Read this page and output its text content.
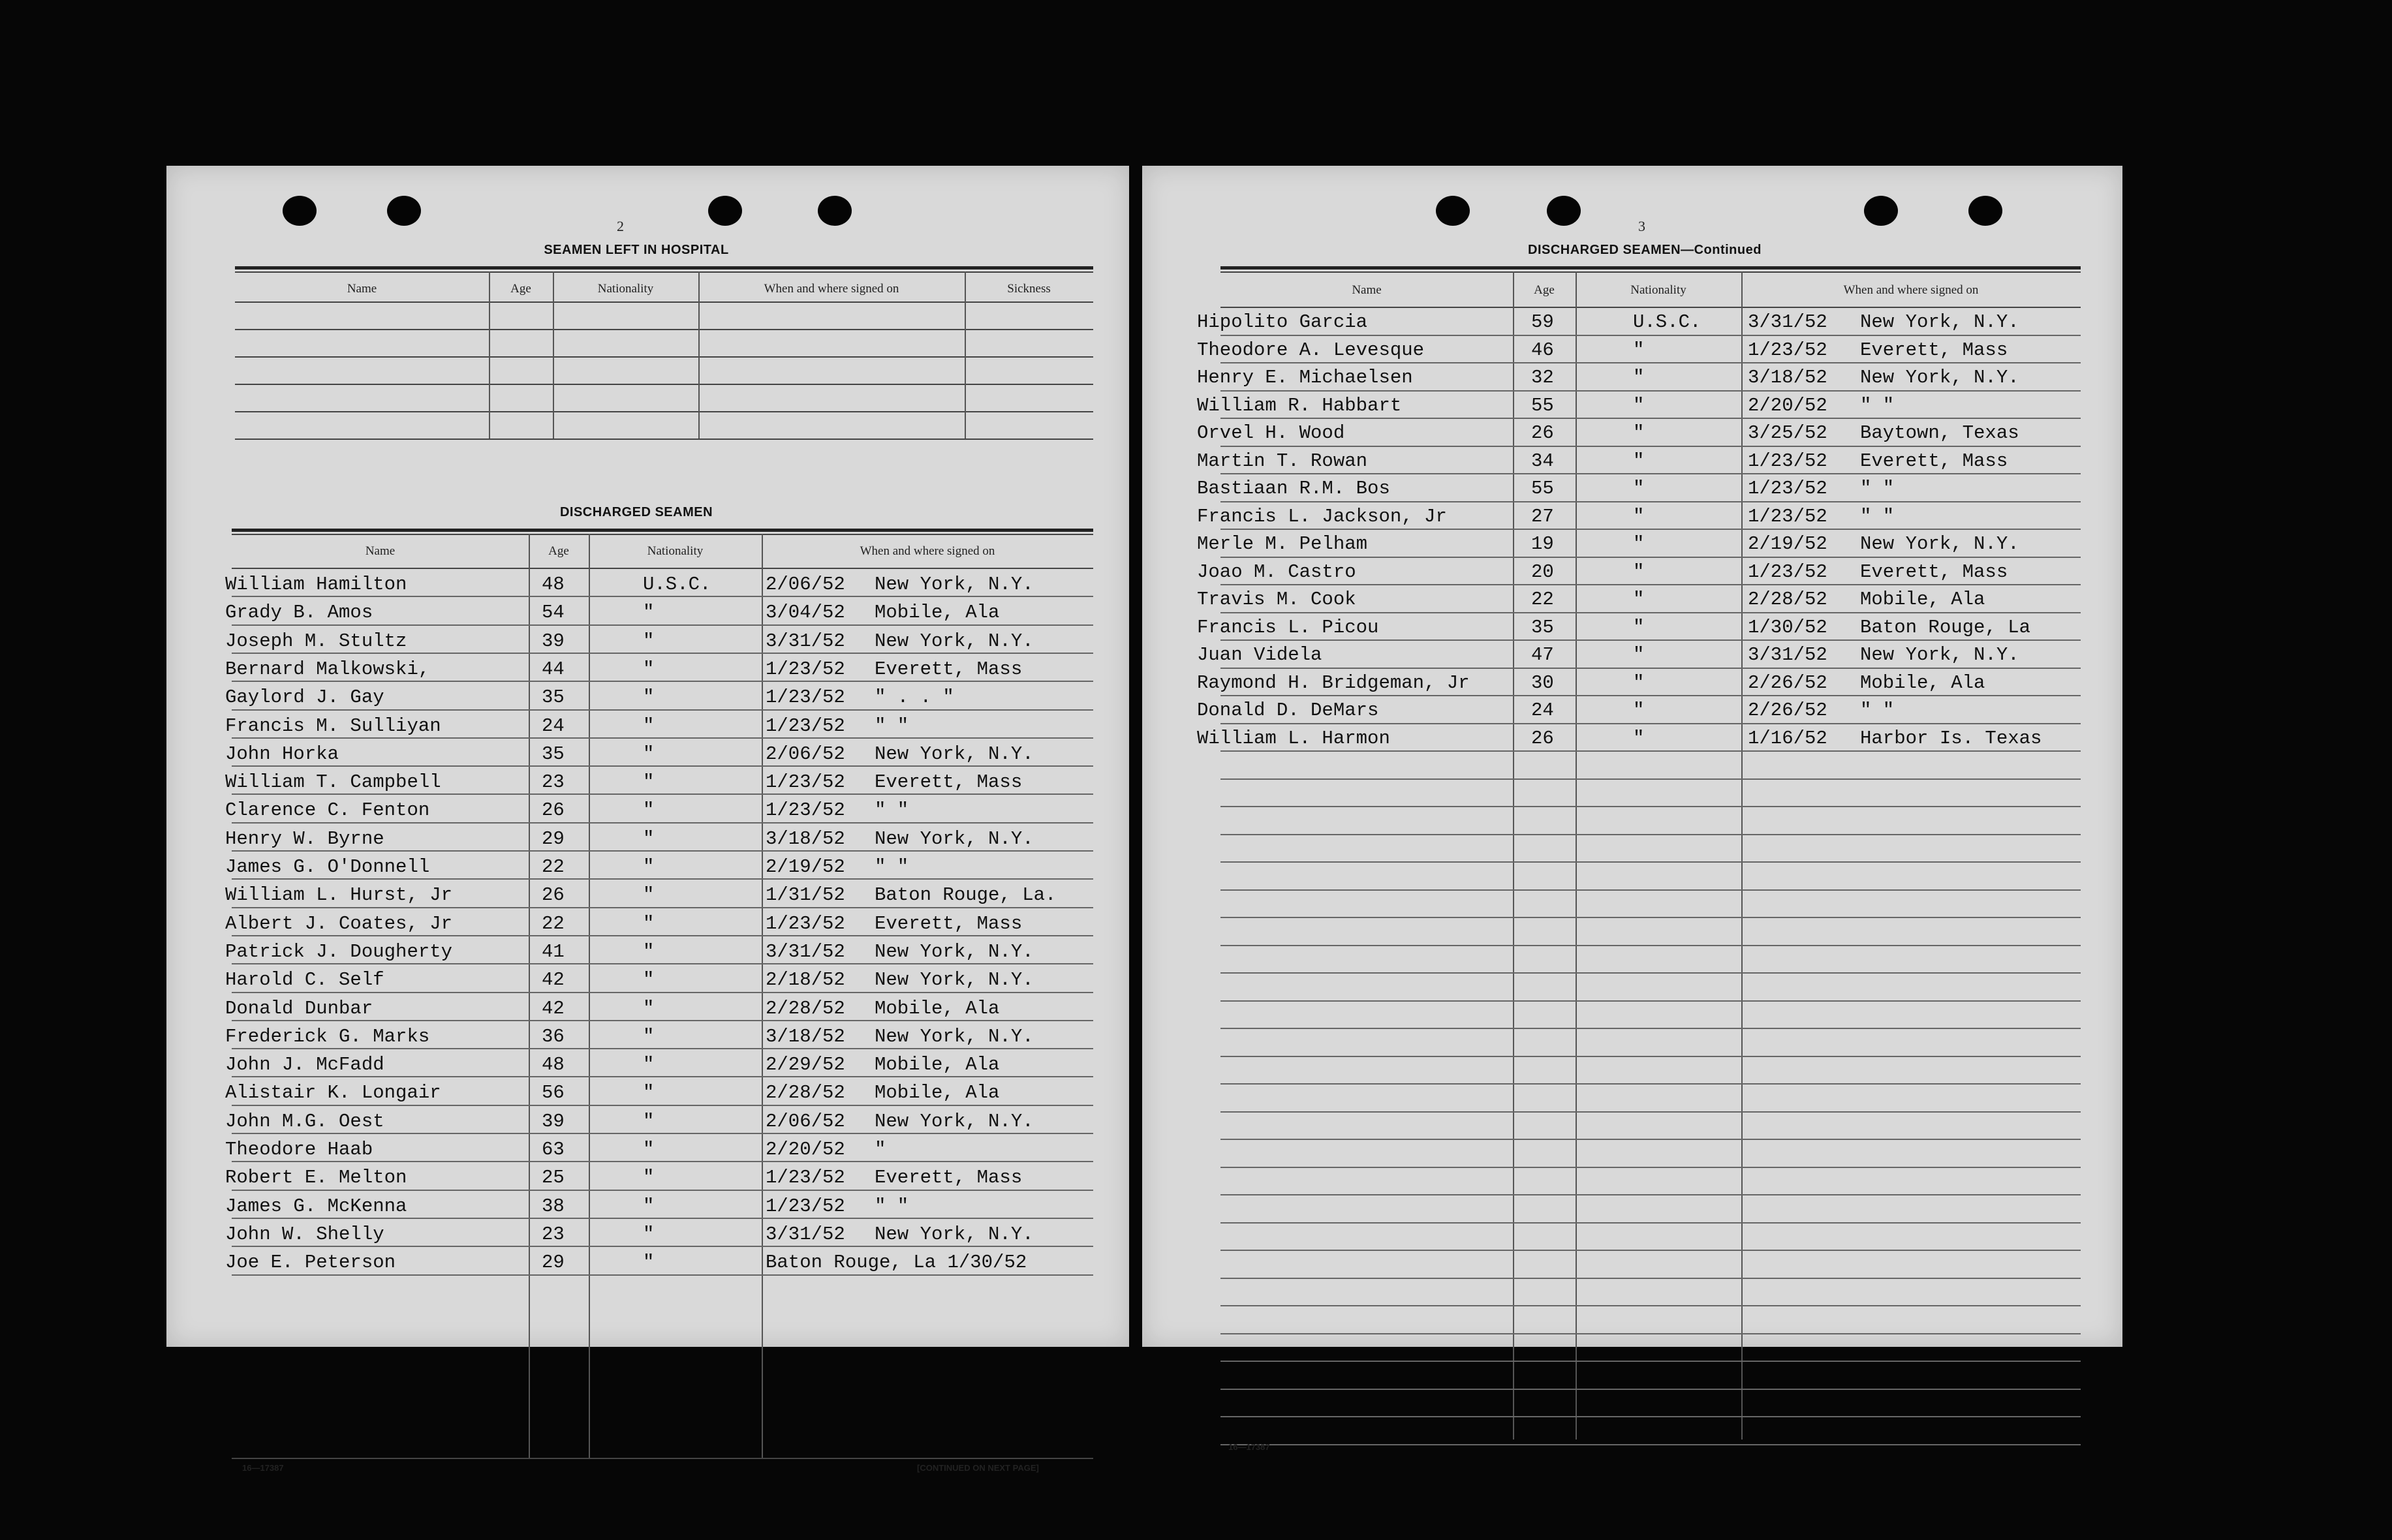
2
SEAMEN LEFT IN HOSPITAL
Name	Age	Nationality	When and where signed on	Sickness
DISCHARGED SEAMEN
Name	Age	Nationality	When and where signed on
William Hamilton	48	U.S.C.	2/06/52 New York, N.Y.
Grady B. Amos	54	"	3/04/52 Mobile, Ala
Joseph M. Stultz	39	"	3/31/52 New York, N.Y.
Bernard Malkowski,	44	"	1/23/52 Everett, Mass
Gaylord J. Gay	35	"	1/23/52 " . . "
Francis M. Sulliyan	24	"	1/23/52 " "
John Horka	35	"	2/06/52 New York, N.Y.
William T. Campbell	23	"	1/23/52 Everett, Mass
Clarence C. Fenton	26	"	1/23/52 " "
Henry W. Byrne	29	"	3/18/52 New York, N.Y.
James G. O'Donnell	22	"	2/19/52 " "
William L. Hurst, Jr	26	"	1/31/52 Baton Rouge, La.
Albert J. Coates, Jr	22	"	1/23/52 Everett, Mass
Patrick J. Dougherty	41	"	3/31/52 New York, N.Y.
Harold C. Self	42	"	2/18/52 New York, N.Y.
Donald Dunbar	42	"	2/28/52 Mobile, Ala
Frederick G. Marks	36	"	3/18/52 New York, N.Y.
John J. McFadd	48	"	2/29/52 Mobile, Ala
Alistair K. Longair	56	"	2/28/52 Mobile, Ala
John M.G. Oest	39	"	2/06/52 New York, N.Y.
Theodore Haab	63	"	2/20/52 "
Robert E. Melton	25	"	1/23/52 Everett, Mass
James G. McKenna	38	"	1/23/52 " "
John W. Shelly	23	"	3/31/52 New York, N.Y.
Joe E. Peterson	29	"	Baton Rouge, La 1/30/52
16—17387	[CONTINUED ON NEXT PAGE]
3
DISCHARGED SEAMEN—Continued
Name	Age	Nationality	When and where signed on
Hipolito Garcia	59	U.S.C. 3/31/52 New York, N.Y.
Theodore A. Levesque	46	"	1/23/52 Everett, Mass
Henry E. Michaelsen	32	"	3/18/52 New York, N.Y.
William R. Habbart	55	"	2/20/52 " "
Orvel H. Wood	26	"	3/25/52 Baytown, Texas
Martin T. Rowan	34	"	1/23/52 Everett, Mass
Bastiaan R.M. Bos	55	"	1/23/52 " "
Francis L. Jackson, Jr	27	"	1/23/52 " "
Merle M. Pelham	19	"	2/19/52 New York, N.Y.
Joao M. Castro	20	"	1/23/52 Everett, Mass
Travis M. Cook	22	"	2/28/52 Mobile, Ala
Francis L. Picou	35	"	1/30/52 Baton Rouge, La
Juan Videla	47	"	3/31/52 New York, N.Y.
Raymond H. Bridgeman, Jr	30	"	2/26/52 Mobile, Ala
Donald D. DeMars	24	"	2/26/52 " "
William L. Harmon	26	"	1/16/52 Harbor Is. Texas
16—17387
